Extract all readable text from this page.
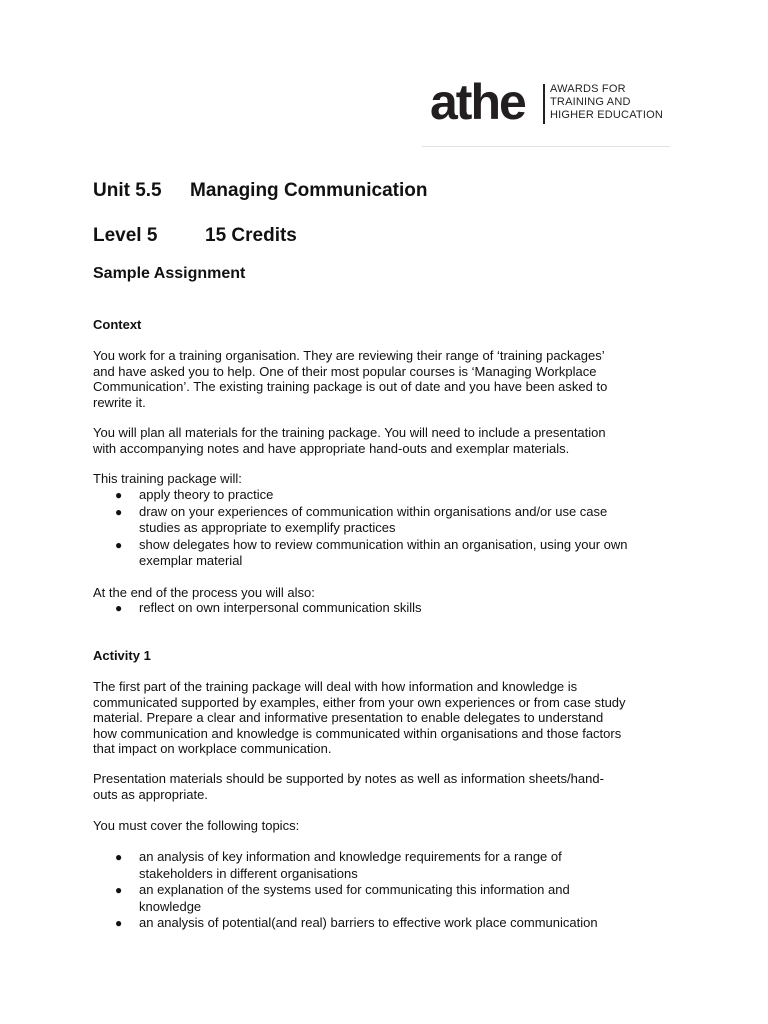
athe AWARDS FOR
TRAINING AND
HIGHER EDUCATION
Unit 5.5 Managing Communication
Level 5	15 Credits
Sample Assignment
Context
You work for a training organisation. They are reviewing their range of ‘training packages’
and have asked you to help. One of their most popular courses is ‘Managing Workplace
Communication’. The existing training package is out of date and you have been asked to
rewrite it.
You will plan all materials for the training package. You will need to include a presentation
with accompanying notes and have appropriate hand-outs and exemplar materials.
This training package will:
● apply theory to practice
● draw on your experiences of communication within organisations and/or use case
studies as appropriate to exemplify practices
● show delegates how to review communication within an organisation, using your own
exemplar material
At the end of the process you will also:
● reflect on own interpersonal communication skills
Activity 1
The first part of the training package will deal with how information and knowledge is
communicated supported by examples, either from your own experiences or from case study
material. Prepare a clear and informative presentation to enable delegates to understand
how communication and knowledge is communicated within organisations and those factors
that impact on workplace communication.
Presentation materials should be supported by notes as well as information sheets/hand-
outs as appropriate.
You must cover the following topics:
● an analysis of key information and knowledge requirements for a range of
stakeholders in different organisations
● an explanation of the systems used for communicating this information and
knowledge
● an analysis of potential(and real) barriers to effective work place communication
